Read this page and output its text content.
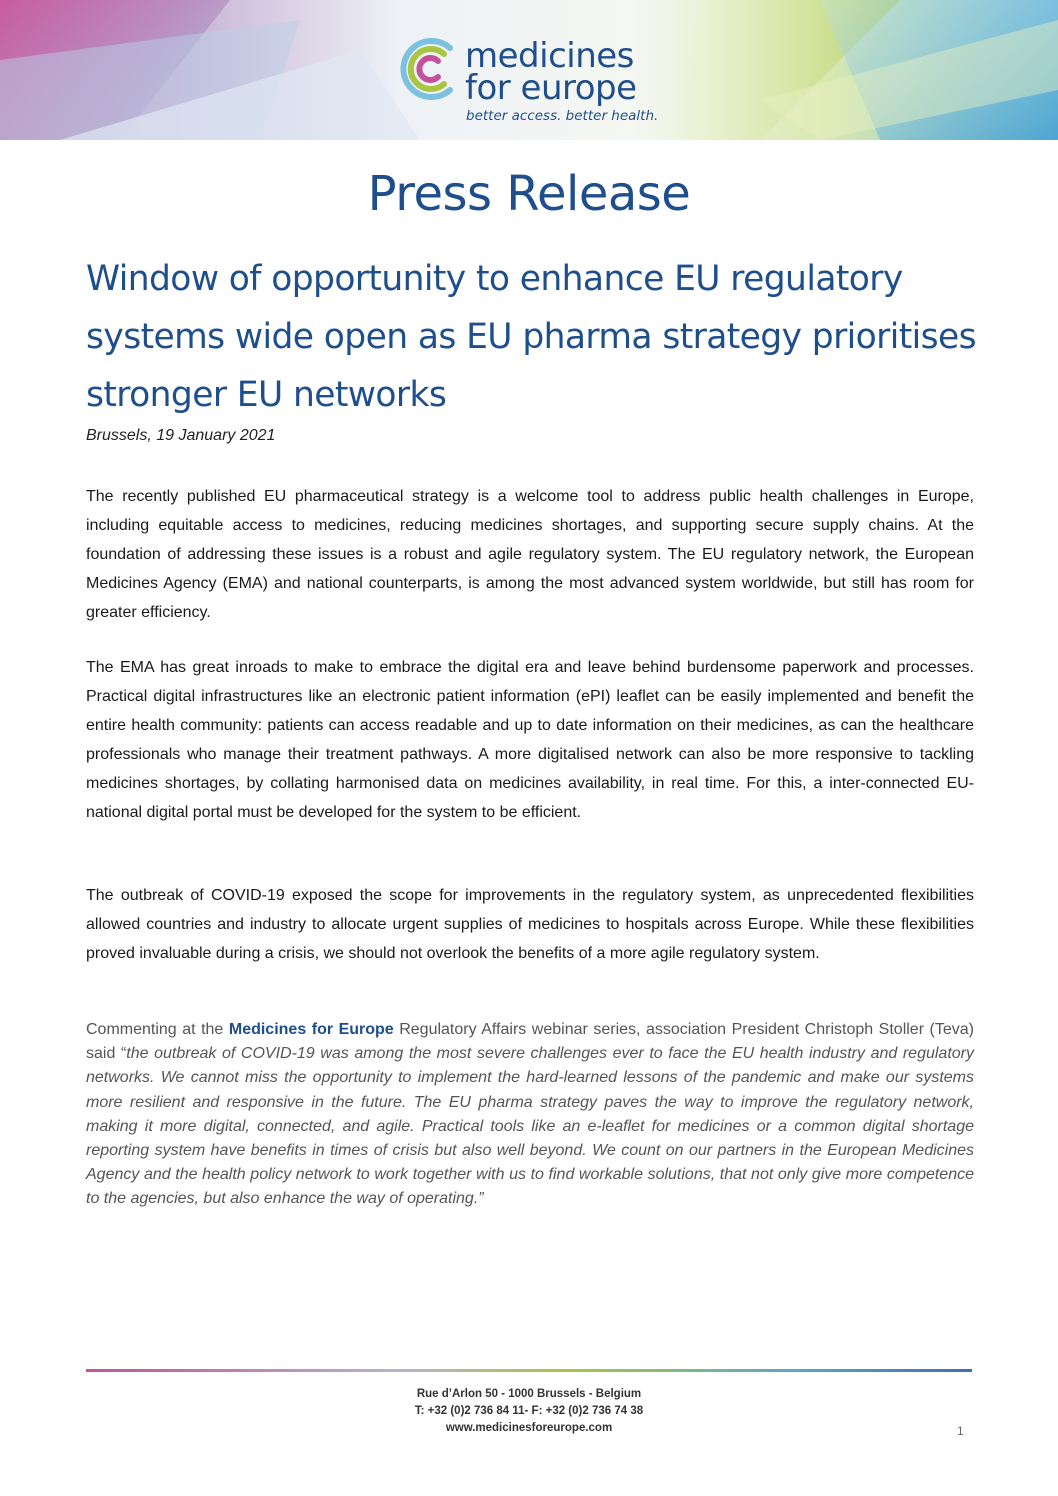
medicines
for europe
better access. better health.
Press Release
Window of opportunity to enhance EU regulatory systems wide open as EU pharma strategy prioritises stronger EU networks
Brussels, 19 January 2021

The recently published EU pharmaceutical strategy is a welcome tool to address public health challenges in Europe, including equitable access to medicines, reducing medicines shortages, and supporting secure supply chains. At the foundation of addressing these issues is a robust and agile regulatory system. The EU regulatory network, the European Medicines Agency (EMA) and national counterparts, is among the most advanced system worldwide, but still has room for greater efficiency.

The EMA has great inroads to make to embrace the digital era and leave behind burdensome paperwork and processes. Practical digital infrastructures like an electronic patient information (ePI) leaflet can be easily implemented and benefit the entire health community: patients can access readable and up to date information on their medicines, as can the healthcare professionals who manage their treatment pathways. A more digitalised network can also be more responsive to tackling medicines shortages, by collating harmonised data on medicines availability, in real time. For this, a inter-connected EU-national digital portal must be developed for the system to be efficient.

The outbreak of COVID-19 exposed the scope for improvements in the regulatory system, as unprecedented flexibilities allowed countries and industry to allocate urgent supplies of medicines to hospitals across Europe. While these flexibilities proved invaluable during a crisis, we should not overlook the benefits of a more agile regulatory system.

Commenting at the Medicines for Europe Regulatory Affairs webinar series, association President Christoph Stoller (Teva) said “the outbreak of COVID-19 was among the most severe challenges ever to face the EU health industry and regulatory networks. We cannot miss the opportunity to implement the hard-learned lessons of the pandemic and make our systems more resilient and responsive in the future. The EU pharma strategy paves the way to improve the regulatory network, making it more digital, connected, and agile. Practical tools like an e-leaflet for medicines or a common digital shortage reporting system have benefits in times of crisis but also well beyond. We count on our partners in the European Medicines Agency and the health policy network to work together with us to find workable solutions, that not only give more competence to the agencies, but also enhance the way of operating.”

Rue d’Arlon 50 - 1000 Brussels - Belgium
T: +32 (0)2 736 84 11- F: +32 (0)2 736 74 38
www.medicinesforeurope.com	1
